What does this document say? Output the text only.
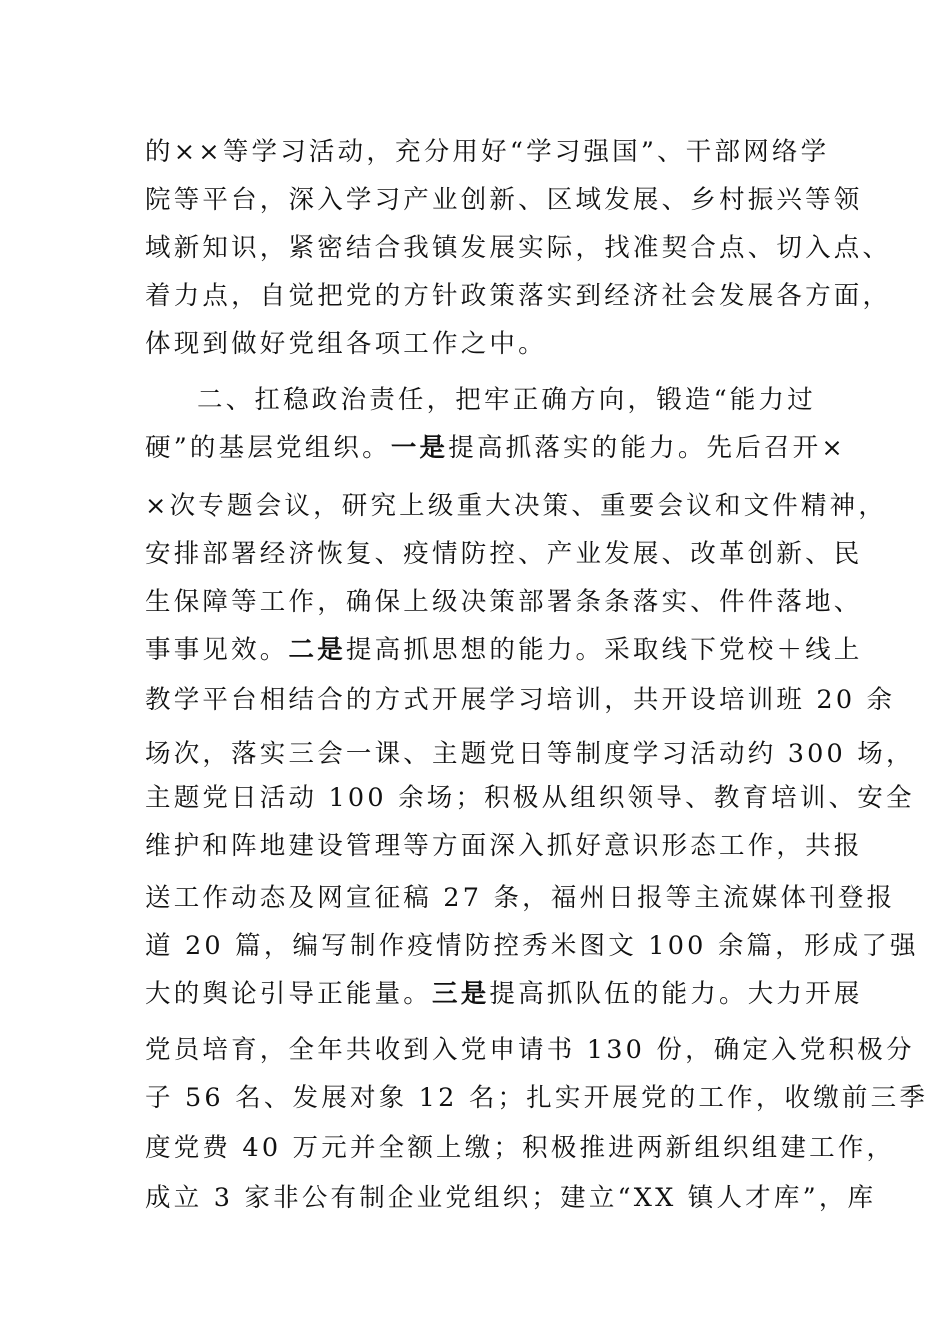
的××等学习活动，充分用好“学习强国”、干部网络学
院等平台，深入学习产业创新、区域发展、乡村振兴等领
域新知识，紧密结合我镇发展实际，找准契合点、切入点、
着力点，自觉把党的方针政策落实到经济社会发展各方面，
体现到做好党组各项工作之中。
二、扛稳政治责任，把牢正确方向，锻造“能力过
硬”的基层党组织。一是提高抓落实的能力。先后召开×
×次专题会议，研究上级重大决策、重要会议和文件精神，
安排部署经济恢复、疫情防控、产业发展、改革创新、民
生保障等工作，确保上级决策部署条条落实、件件落地、
事事见效。二是提高抓思想的能力。采取线下党校＋线上
教学平台相结合的方式开展学习培训，共开设培训班 20 余
场次，落实三会一课、主题党日等制度学习活动约 300 场，
主题党日活动 100 余场；积极从组织领导、教育培训、安全
维护和阵地建设管理等方面深入抓好意识形态工作，共报
送工作动态及网宣征稿 27 条，福州日报等主流媒体刊登报
道 20 篇，编写制作疫情防控秀米图文 100 余篇，形成了强
大的舆论引导正能量。三是提高抓队伍的能力。大力开展
党员培育，全年共收到入党申请书 130 份，确定入党积极分
子 56 名、发展对象 12 名；扎实开展党的工作，收缴前三季
度党费 40 万元并全额上缴；积极推进两新组织组建工作，
成立 3 家非公有制企业党组织；建立“XX 镇人才库”，库
